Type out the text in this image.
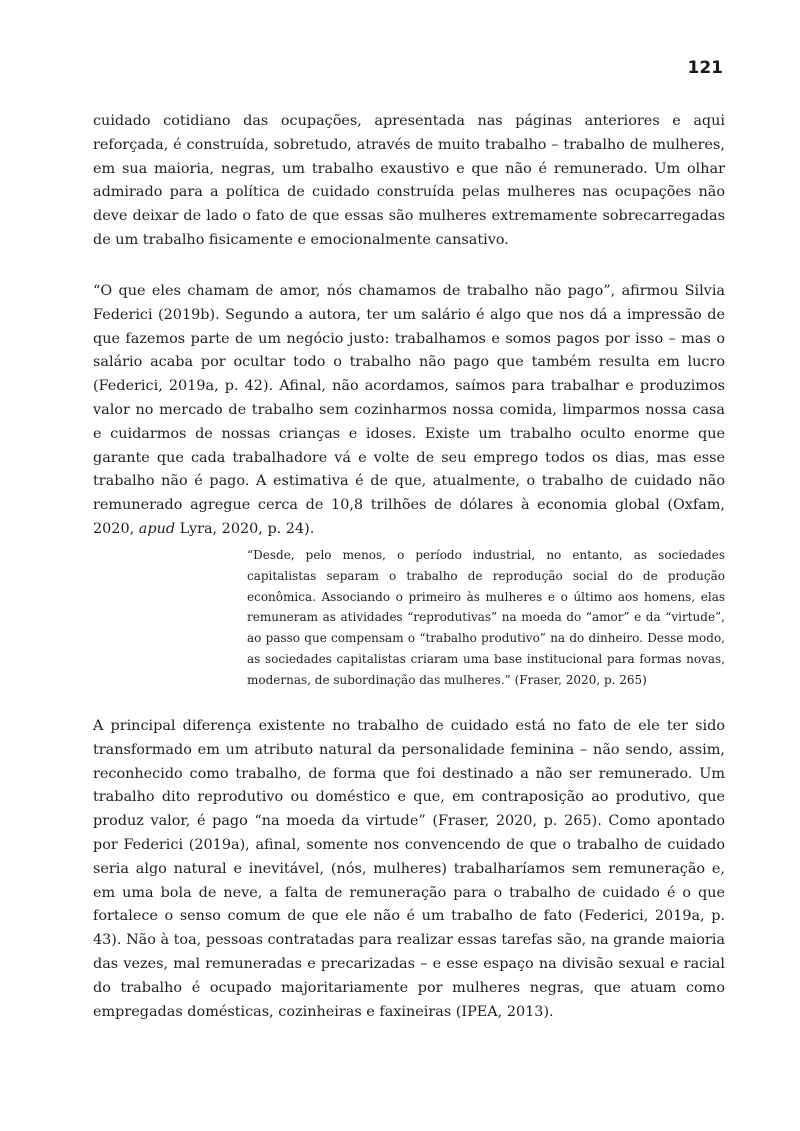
121

cuidado cotidiano das ocupações, apresentada nas páginas anteriores e aqui reforçada, é construída, sobretudo, através de muito trabalho – trabalho de mulheres, em sua maioria, negras, um trabalho exaustivo e que não é remunerado. Um olhar admirado para a política de cuidado construída pelas mulheres nas ocupações não deve deixar de lado o fato de que essas são mulheres extremamente sobrecarregadas de um trabalho fisicamente e emocionalmente cansativo.

“O que eles chamam de amor, nós chamamos de trabalho não pago”, afirmou Silvia Federici (2019b). Segundo a autora, ter um salário é algo que nos dá a impressão de que fazemos parte de um negócio justo: trabalhamos e somos pagos por isso – mas o salário acaba por ocultar todo o trabalho não pago que também resulta em lucro (Federici, 2019a, p. 42). Afinal, não acordamos, saímos para trabalhar e produzimos valor no mercado de trabalho sem cozinharmos nossa comida, limparmos nossa casa e cuidarmos de nossas crianças e idoses. Existe um trabalho oculto enorme que garante que cada trabalhadore vá e volte de seu emprego todos os dias, mas esse trabalho não é pago. A estimativa é de que, atualmente, o trabalho de cuidado não remunerado agregue cerca de 10,8 trilhões de dólares à economia global (Oxfam, 2020, apud Lyra, 2020, p. 24).

“Desde, pelo menos, o período industrial, no entanto, as sociedades capitalistas separam o trabalho de reprodução social do de produção econômica. Associando o primeiro às mulheres e o último aos homens, elas remuneram as atividades “reprodutivas” na moeda do “amor” e da “virtude”, ao passo que compensam o “trabalho produtivo” na do dinheiro. Desse modo, as sociedades capitalistas criaram uma base institucional para formas novas, modernas, de subordinação das mulheres.” (Fraser, 2020, p. 265)

A principal diferença existente no trabalho de cuidado está no fato de ele ter sido transformado em um atributo natural da personalidade feminina – não sendo, assim, reconhecido como trabalho, de forma que foi destinado a não ser remunerado. Um trabalho dito reprodutivo ou doméstico e que, em contraposição ao produtivo, que produz valor, é pago “na moeda da virtude” (Fraser, 2020, p. 265). Como apontado por Federici (2019a), afinal, somente nos convencendo de que o trabalho de cuidado seria algo natural e inevitável, (nós, mulheres) trabalharíamos sem remuneração e, em uma bola de neve, a falta de remuneração para o trabalho de cuidado é o que fortalece o senso comum de que ele não é um trabalho de fato (Federici, 2019a, p. 43). Não à toa, pessoas contratadas para realizar essas tarefas são, na grande maioria das vezes, mal remuneradas e precarizadas – e esse espaço na divisão sexual e racial do trabalho é ocupado majoritariamente por mulheres negras, que atuam como empregadas domésticas, cozinheiras e faxineiras (IPEA, 2013).
